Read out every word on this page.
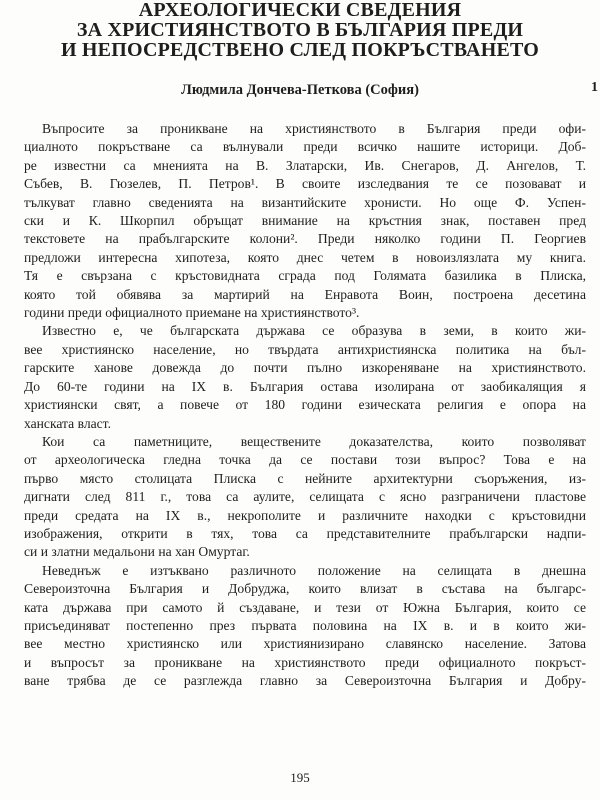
АРХЕОЛОГИЧЕСКИ СВЕДЕНИЯ
ЗА ХРИСТИЯНСТВОТО В БЪЛГАРИЯ ПРЕДИ
И НЕПОСРЕДСТВЕНО СЛЕД ПОКРЪСТВАНЕТО

Людмила Дончева-Петкова (София)	1

Въпросите за проникване на християнството в България преди офи-
циалното покръстване са вълнували преди всичко нашите историци. Доб-
ре известни са мненията на В. Златарски, Ив. Снегаров, Д. Ангелов, Т.
Събев, В. Гюзелев, П. Петров¹. В своите изследвания те се позовават и
тълкуват главно сведенията на византийските хронисти. Но още Ф. Успен-
ски и К. Шкорпил обръщат внимание на кръстния знак, поставен пред
текстовете на прабългарските колони². Преди няколко години П. Георгиев
предложи интересна хипотеза, която днес четем в новоизлязлата му книга.
Тя е свързана с кръстовидната сграда под Голямата базилика в Плиска,
която той обявява за мартирий на Енравота Воин, построена десетина
години преди официалното приемане на християнството³.

Известно е, че българската държава се образува в земи, в които жи-
вее християнско население, но твърдата антихристиянска политика на бъл-
гарските ханове довежда до почти пълно изкореняване на християнството.
До 60-те години на IX в. България остава изолирана от заобикалящия я
християнски свят, а повече от 180 години езическата религия е опора на
ханската власт.

Кои са паметниците, веществените доказателства, които позволяват
от археологическа гледна точка да се постави този въпрос? Това е на
първо място столицата Плиска с нейните архитектурни съоръжения, из-
дигнати след 811 г., това са аулите, селищата с ясно разграничени пластове
преди средата на IX в., некрополите и различните находки с кръстовидни
изображения, открити в тях, това са представителните прабългарски надпи-
си и златни медальони на хан Омуртаг.

Неведнъж е изтъквано различното положение на селищата в днешна
Североизточна България и Добруджа, които влизат в състава на българс-
ката държава при самото й създаване, и тези от Южна България, които се
присъединяват постепенно през първата половина на IX в. и в които жи-
вее местно християнско или християнизирано славянско население. Затова
и въпросът за проникване на християнството преди официалното покръст-
ване трябва де се разглежда главно за Североизточна България и Добру-

195
